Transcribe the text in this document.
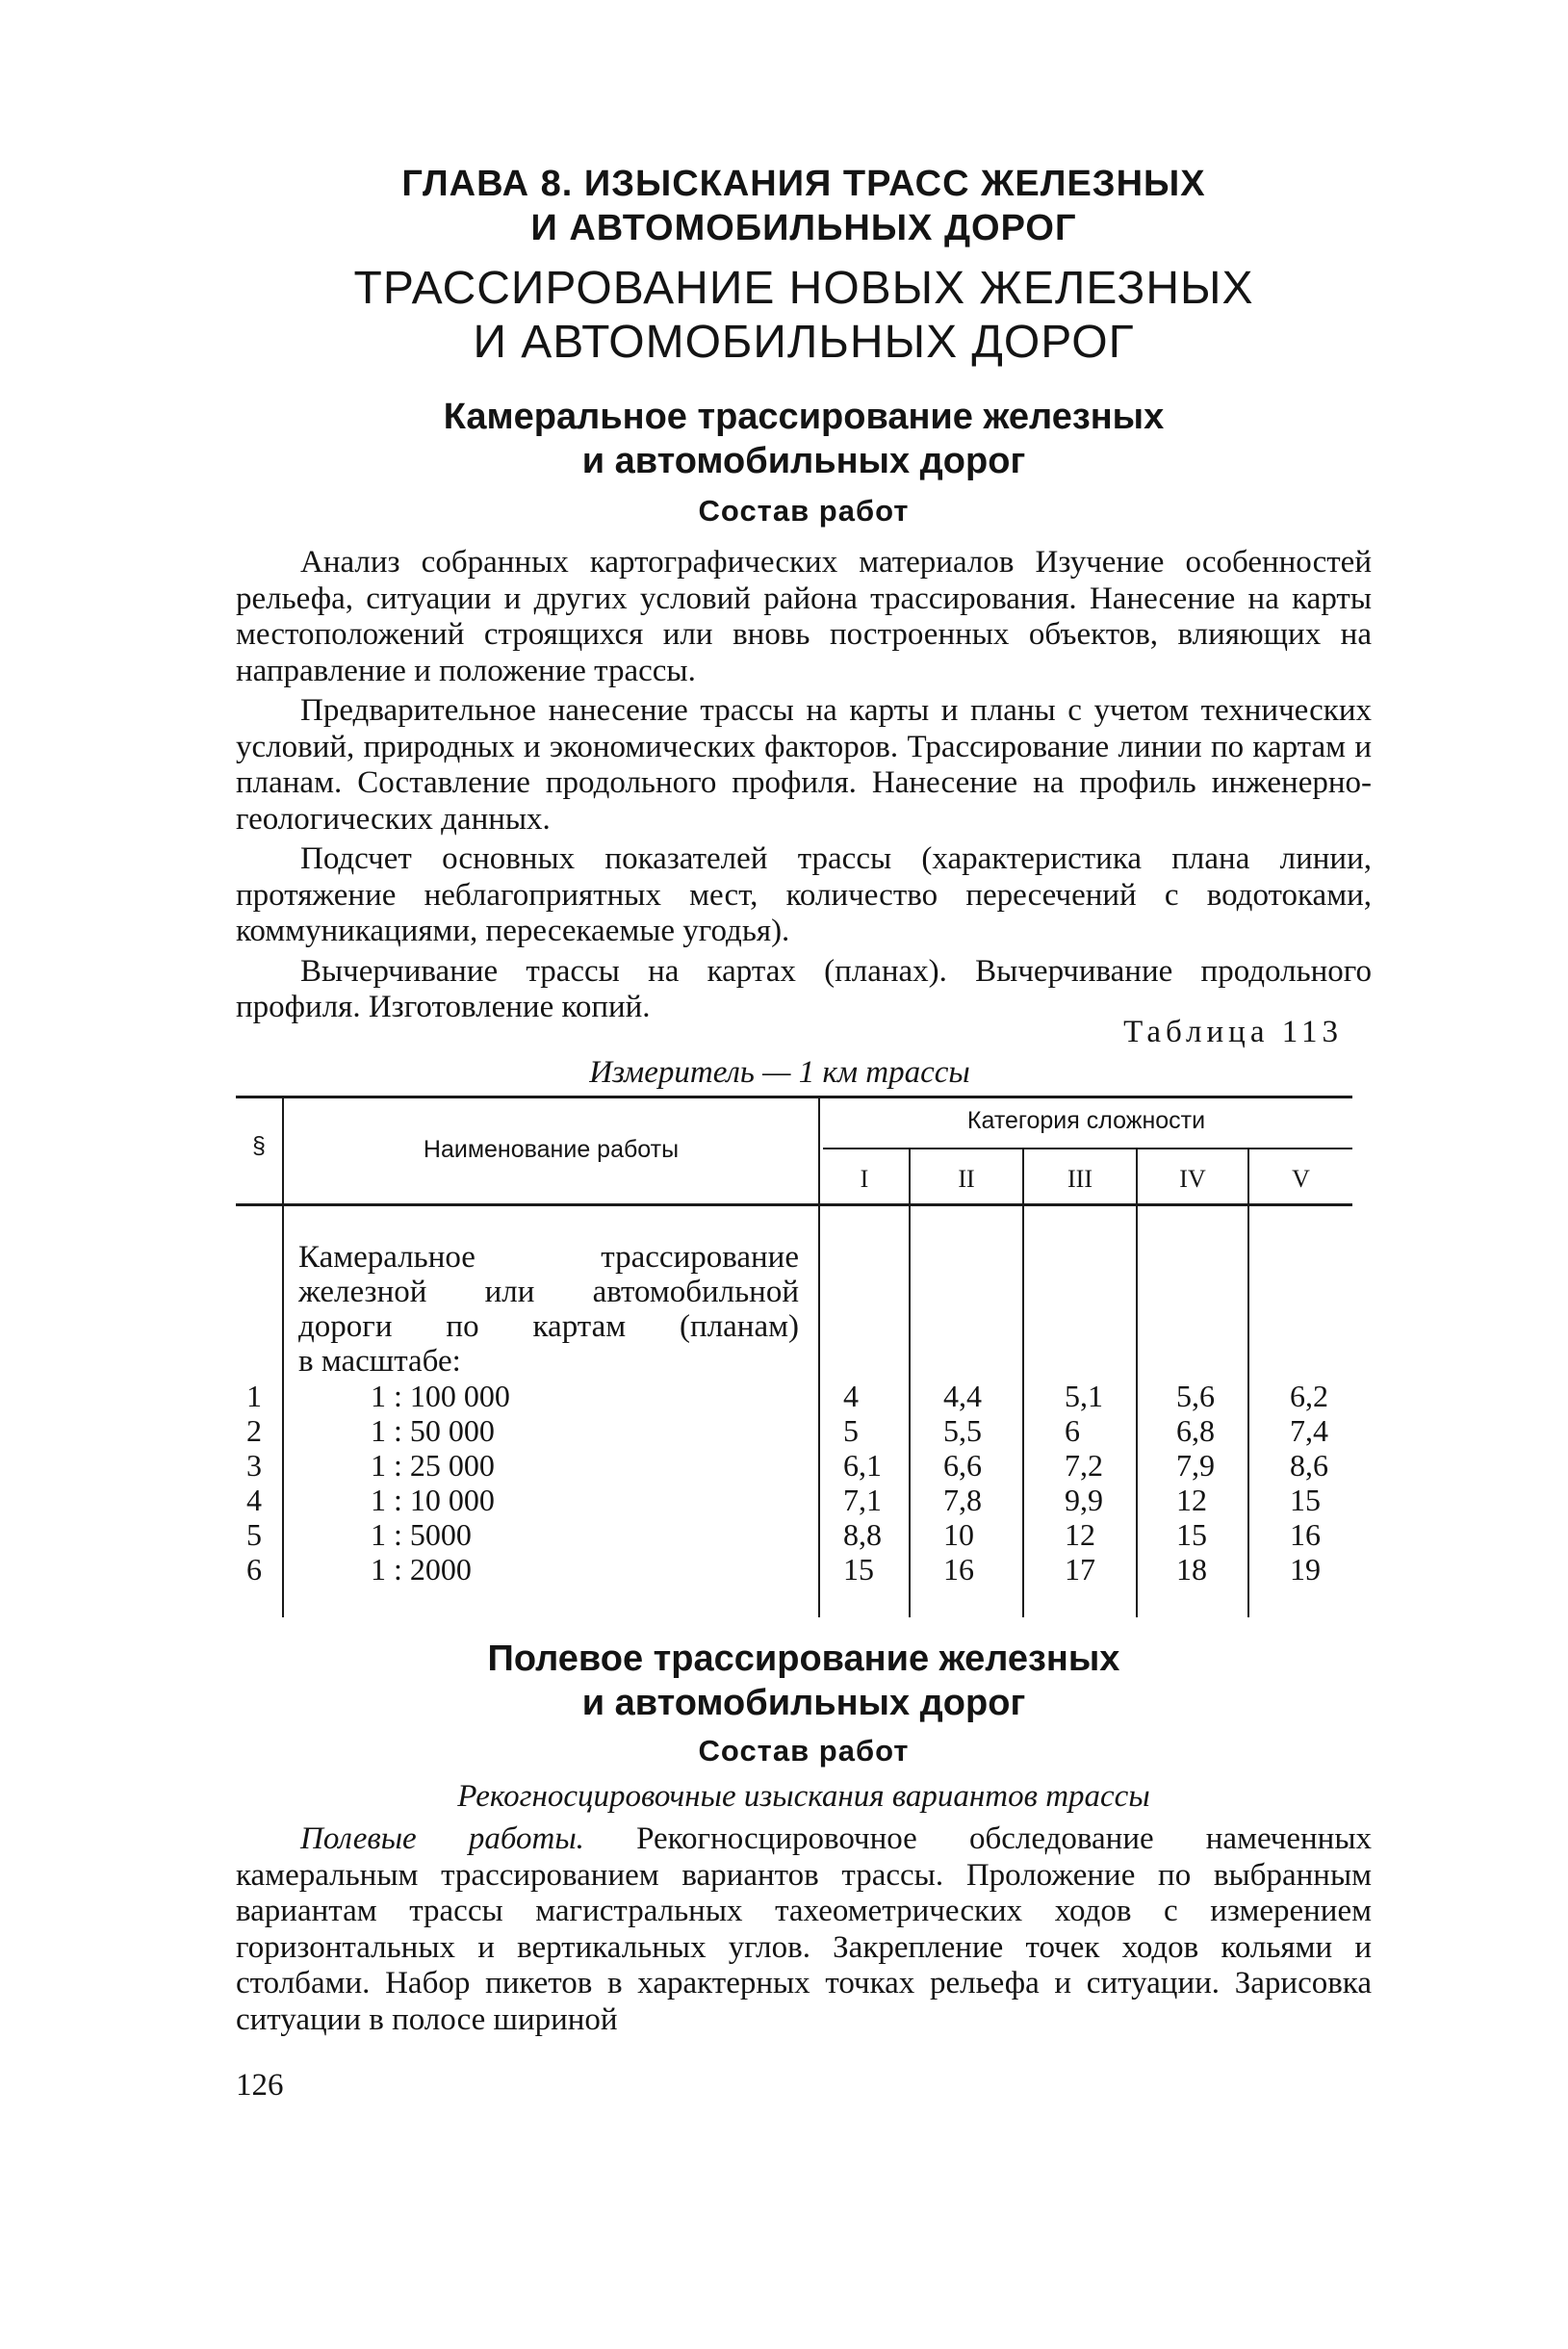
ГЛАВА 8. ИЗЫСКАНИЯ ТРАСС ЖЕЛЕЗНЫХ
И АВТОМОБИЛЬНЫХ ДОРОГ
ТРАССИРОВАНИЕ НОВЫХ ЖЕЛЕЗНЫХ
И АВТОМОБИЛЬНЫХ ДОРОГ
Камеральное трассирование железных
и автомобильных дорог
Состав работ

Анализ собранных картографических материалов Изучение особенностей рельефа, ситуации и других условий района трассирования. Нанесение на карты местоположений строящихся или вновь построенных объектов, влияющих на направление и положение трассы.

Предварительное нанесение трассы на карты и планы с учетом технических условий, природных и экономических факторов. Трассирование линии по картам и планам. Составление продольного профиля. Нанесение на профиль инженерно-геологических данных.

Подсчет основных показателей трассы (характеристика плана линии, протяжение неблагоприятных мест, количество пересечений с водотоками, коммуникациями, пересекаемые угодья).

Вычерчивание трассы на картах (планах). Вычерчивание продольного профиля. Изготовление копий.

Таблица 113
Измеритель — 1 км трассы
§	Наименование работы
Категория сложности
I	II	III	IV	V
Камеральное трассирование
железной или автомобильной
дороги по картам (планам)
в масштабе:
1	1 : 100 000	4	4,4	5,1 5,6 6,2
2	1 : 50 000	5	5,5	6	6,8 7,4
3	1 : 25 000	6,1 6,6	7,2 7,9 8,6
4	1 : 10 000	7,1 7,8	9,9 12	15
5	1 : 5000	8,8 10	12	15	16
6	1 : 2000	15 16	17	18	19
Полевое трассирование железных
и автомобильных дорог
Состав работ
Рекогносцировочные изыскания вариантов трассы

Полевые работы. Рекогносцировочное обследование намеченных камеральным трассированием вариантов трассы. Проложение по выбранным вариантам трассы магистральных тахеометрических ходов с измерением горизонтальных и вертикальных углов. Закрепление точек ходов кольями и столбами. Набор пикетов в характерных точках рельефа и ситуации. Зарисовка ситуации в полосе шириной

126
